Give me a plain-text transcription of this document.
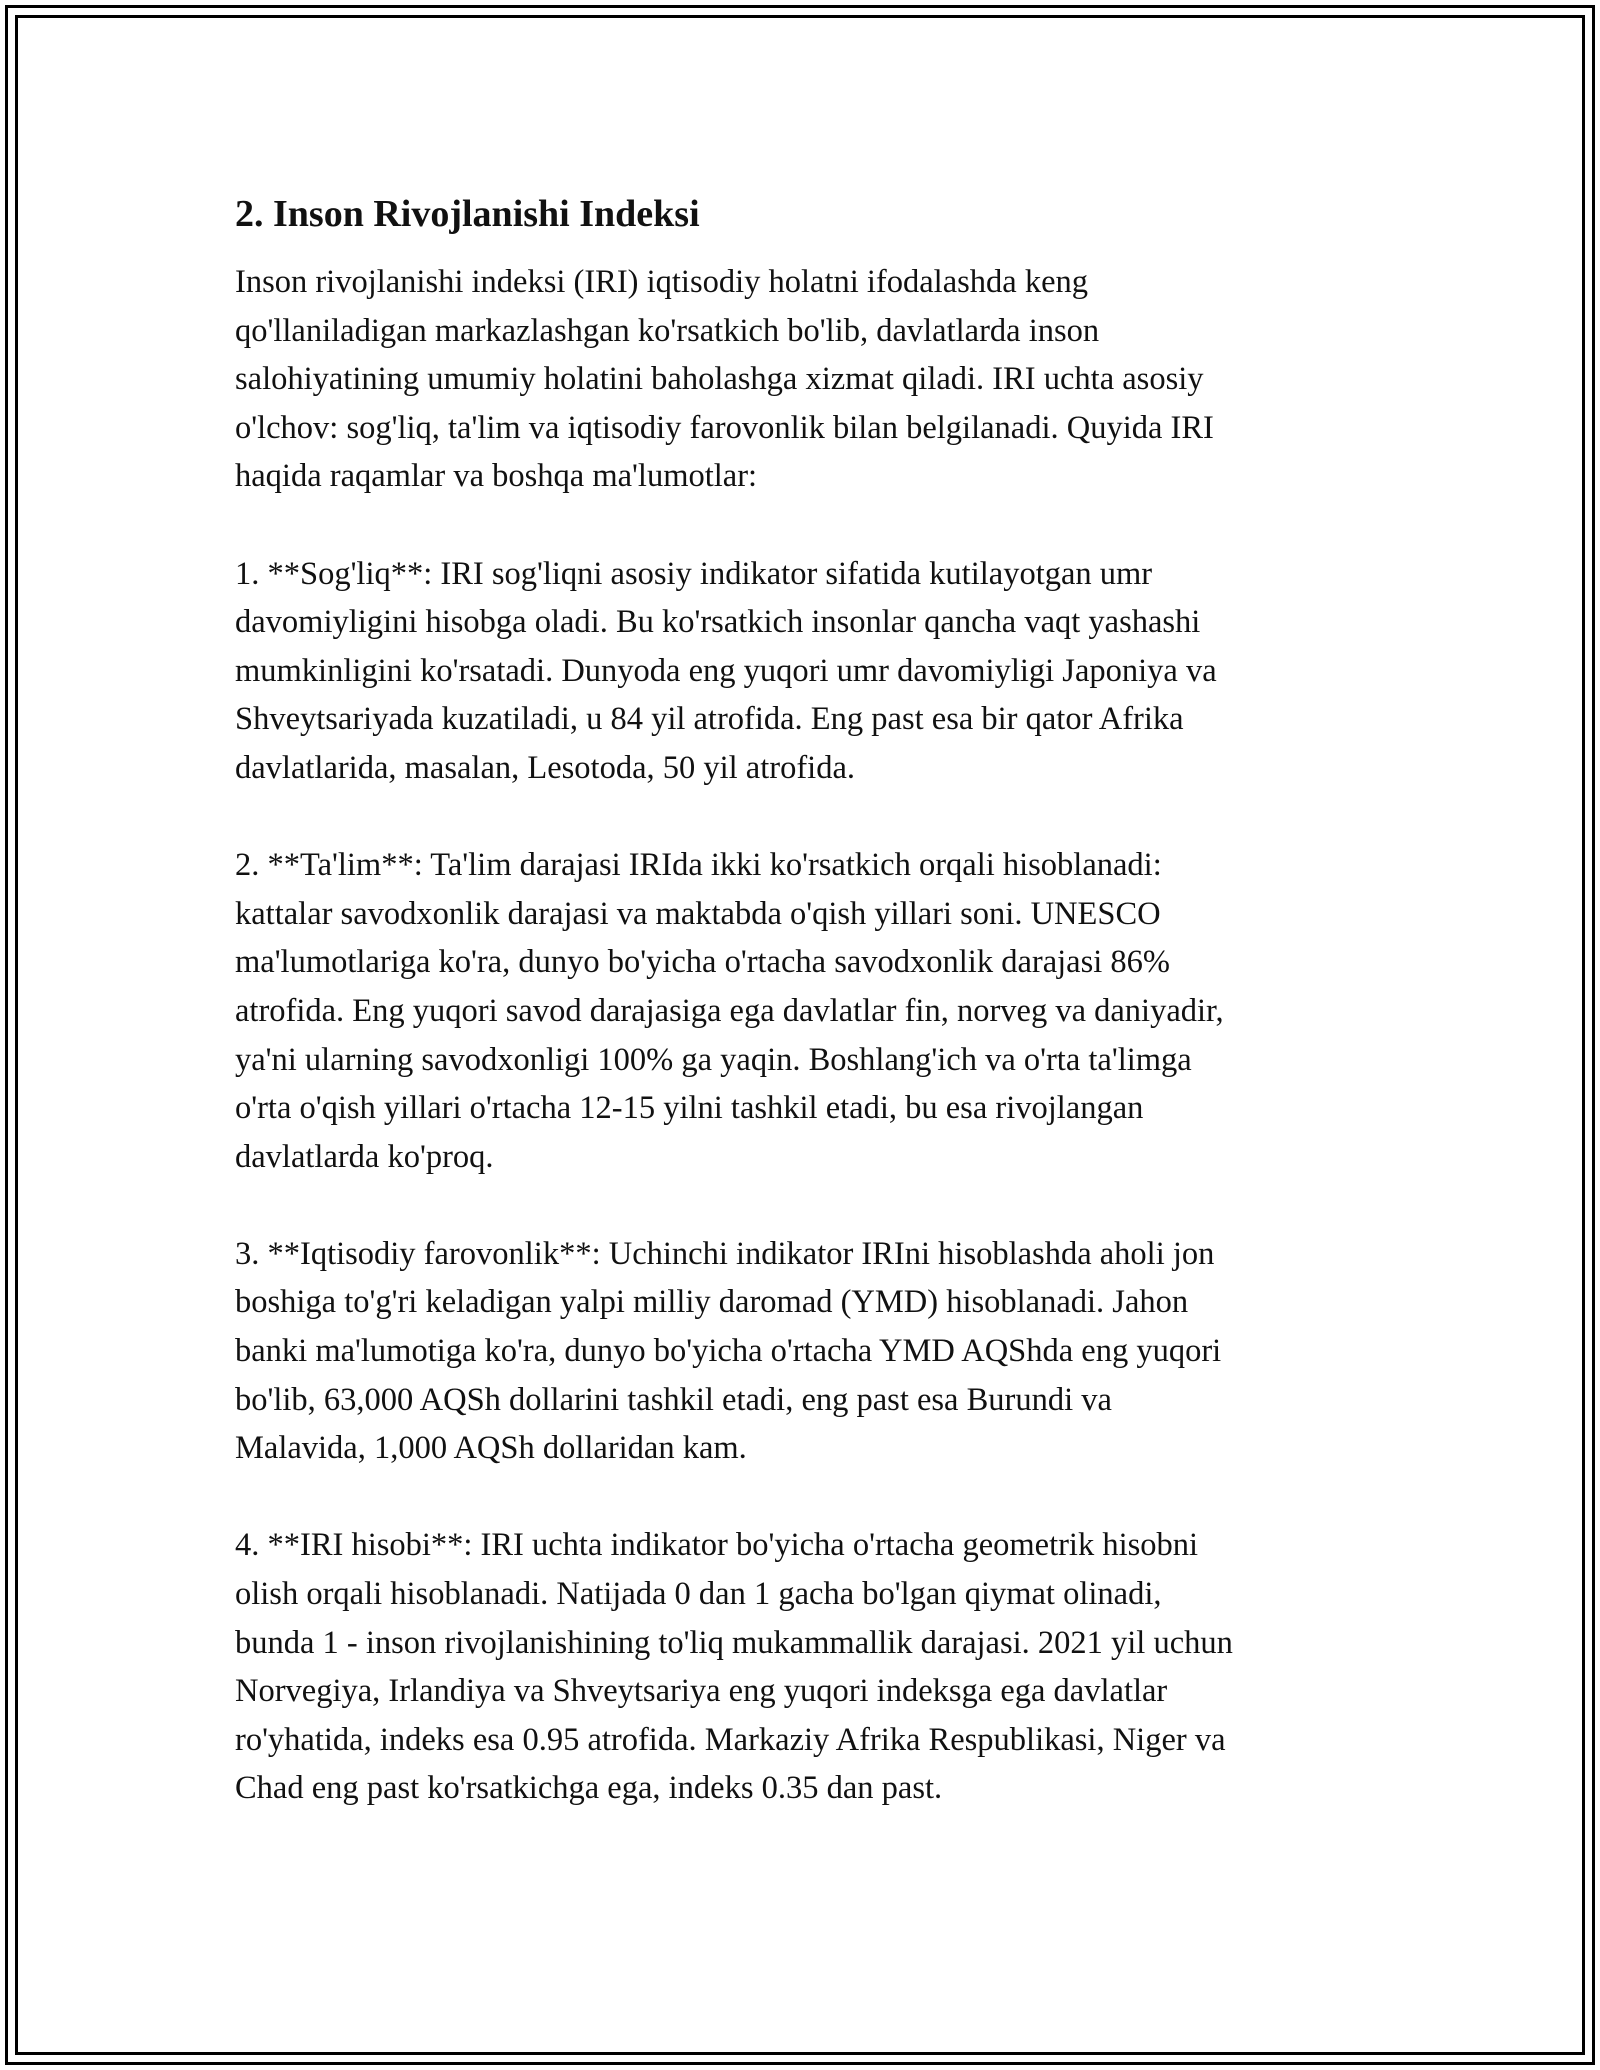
2. Inson Rivojlanishi Indeksi

Inson rivojlanishi indeksi (IRI) iqtisodiy holatni ifodalashda keng
qo'llaniladigan markazlashgan ko'rsatkich bo'lib, davlatlarda inson
salohiyatining umumiy holatini baholashga xizmat qiladi. IRI uchta asosiy
o'lchov: sog'liq, ta'lim va iqtisodiy farovonlik bilan belgilanadi. Quyida IRI
haqida raqamlar va boshqa ma'lumotlar:

1. **Sog'liq**: IRI sog'liqni asosiy indikator sifatida kutilayotgan umr
davomiyligini hisobga oladi. Bu ko'rsatkich insonlar qancha vaqt yashashi
mumkinligini ko'rsatadi. Dunyoda eng yuqori umr davomiyligi Japoniya va
Shveytsariyada kuzatiladi, u 84 yil atrofida. Eng past esa bir qator Afrika
davlatlarida, masalan, Lesotoda, 50 yil atrofida.

2. **Ta'lim**: Ta'lim darajasi IRIda ikki ko'rsatkich orqali hisoblanadi:
kattalar savodxonlik darajasi va maktabda o'qish yillari soni. UNESCO
ma'lumotlariga ko'ra, dunyo bo'yicha o'rtacha savodxonlik darajasi 86%
atrofida. Eng yuqori savod darajasiga ega davlatlar fin, norveg va daniyadir,
ya'ni ularning savodxonligi 100% ga yaqin. Boshlang'ich va o'rta ta'limga
o'rta o'qish yillari o'rtacha 12-15 yilni tashkil etadi, bu esa rivojlangan
davlatlarda ko'proq.

3. **Iqtisodiy farovonlik**: Uchinchi indikator IRIni hisoblashda aholi jon
boshiga to'g'ri keladigan yalpi milliy daromad (YMD) hisoblanadi. Jahon
banki ma'lumotiga ko'ra, dunyo bo'yicha o'rtacha YMD AQShda eng yuqori
bo'lib, 63,000 AQSh dollarini tashkil etadi, eng past esa Burundi va
Malavida, 1,000 AQSh dollaridan kam.

4. **IRI hisobi**: IRI uchta indikator bo'yicha o'rtacha geometrik hisobni
olish orqali hisoblanadi. Natijada 0 dan 1 gacha bo'lgan qiymat olinadi,
bunda 1 - inson rivojlanishining to'liq mukammallik darajasi. 2021 yil uchun
Norvegiya, Irlandiya va Shveytsariya eng yuqori indeksga ega davlatlar
ro'yhatida, indeks esa 0.95 atrofida. Markaziy Afrika Respublikasi, Niger va
Chad eng past ko'rsatkichga ega, indeks 0.35 dan past.
